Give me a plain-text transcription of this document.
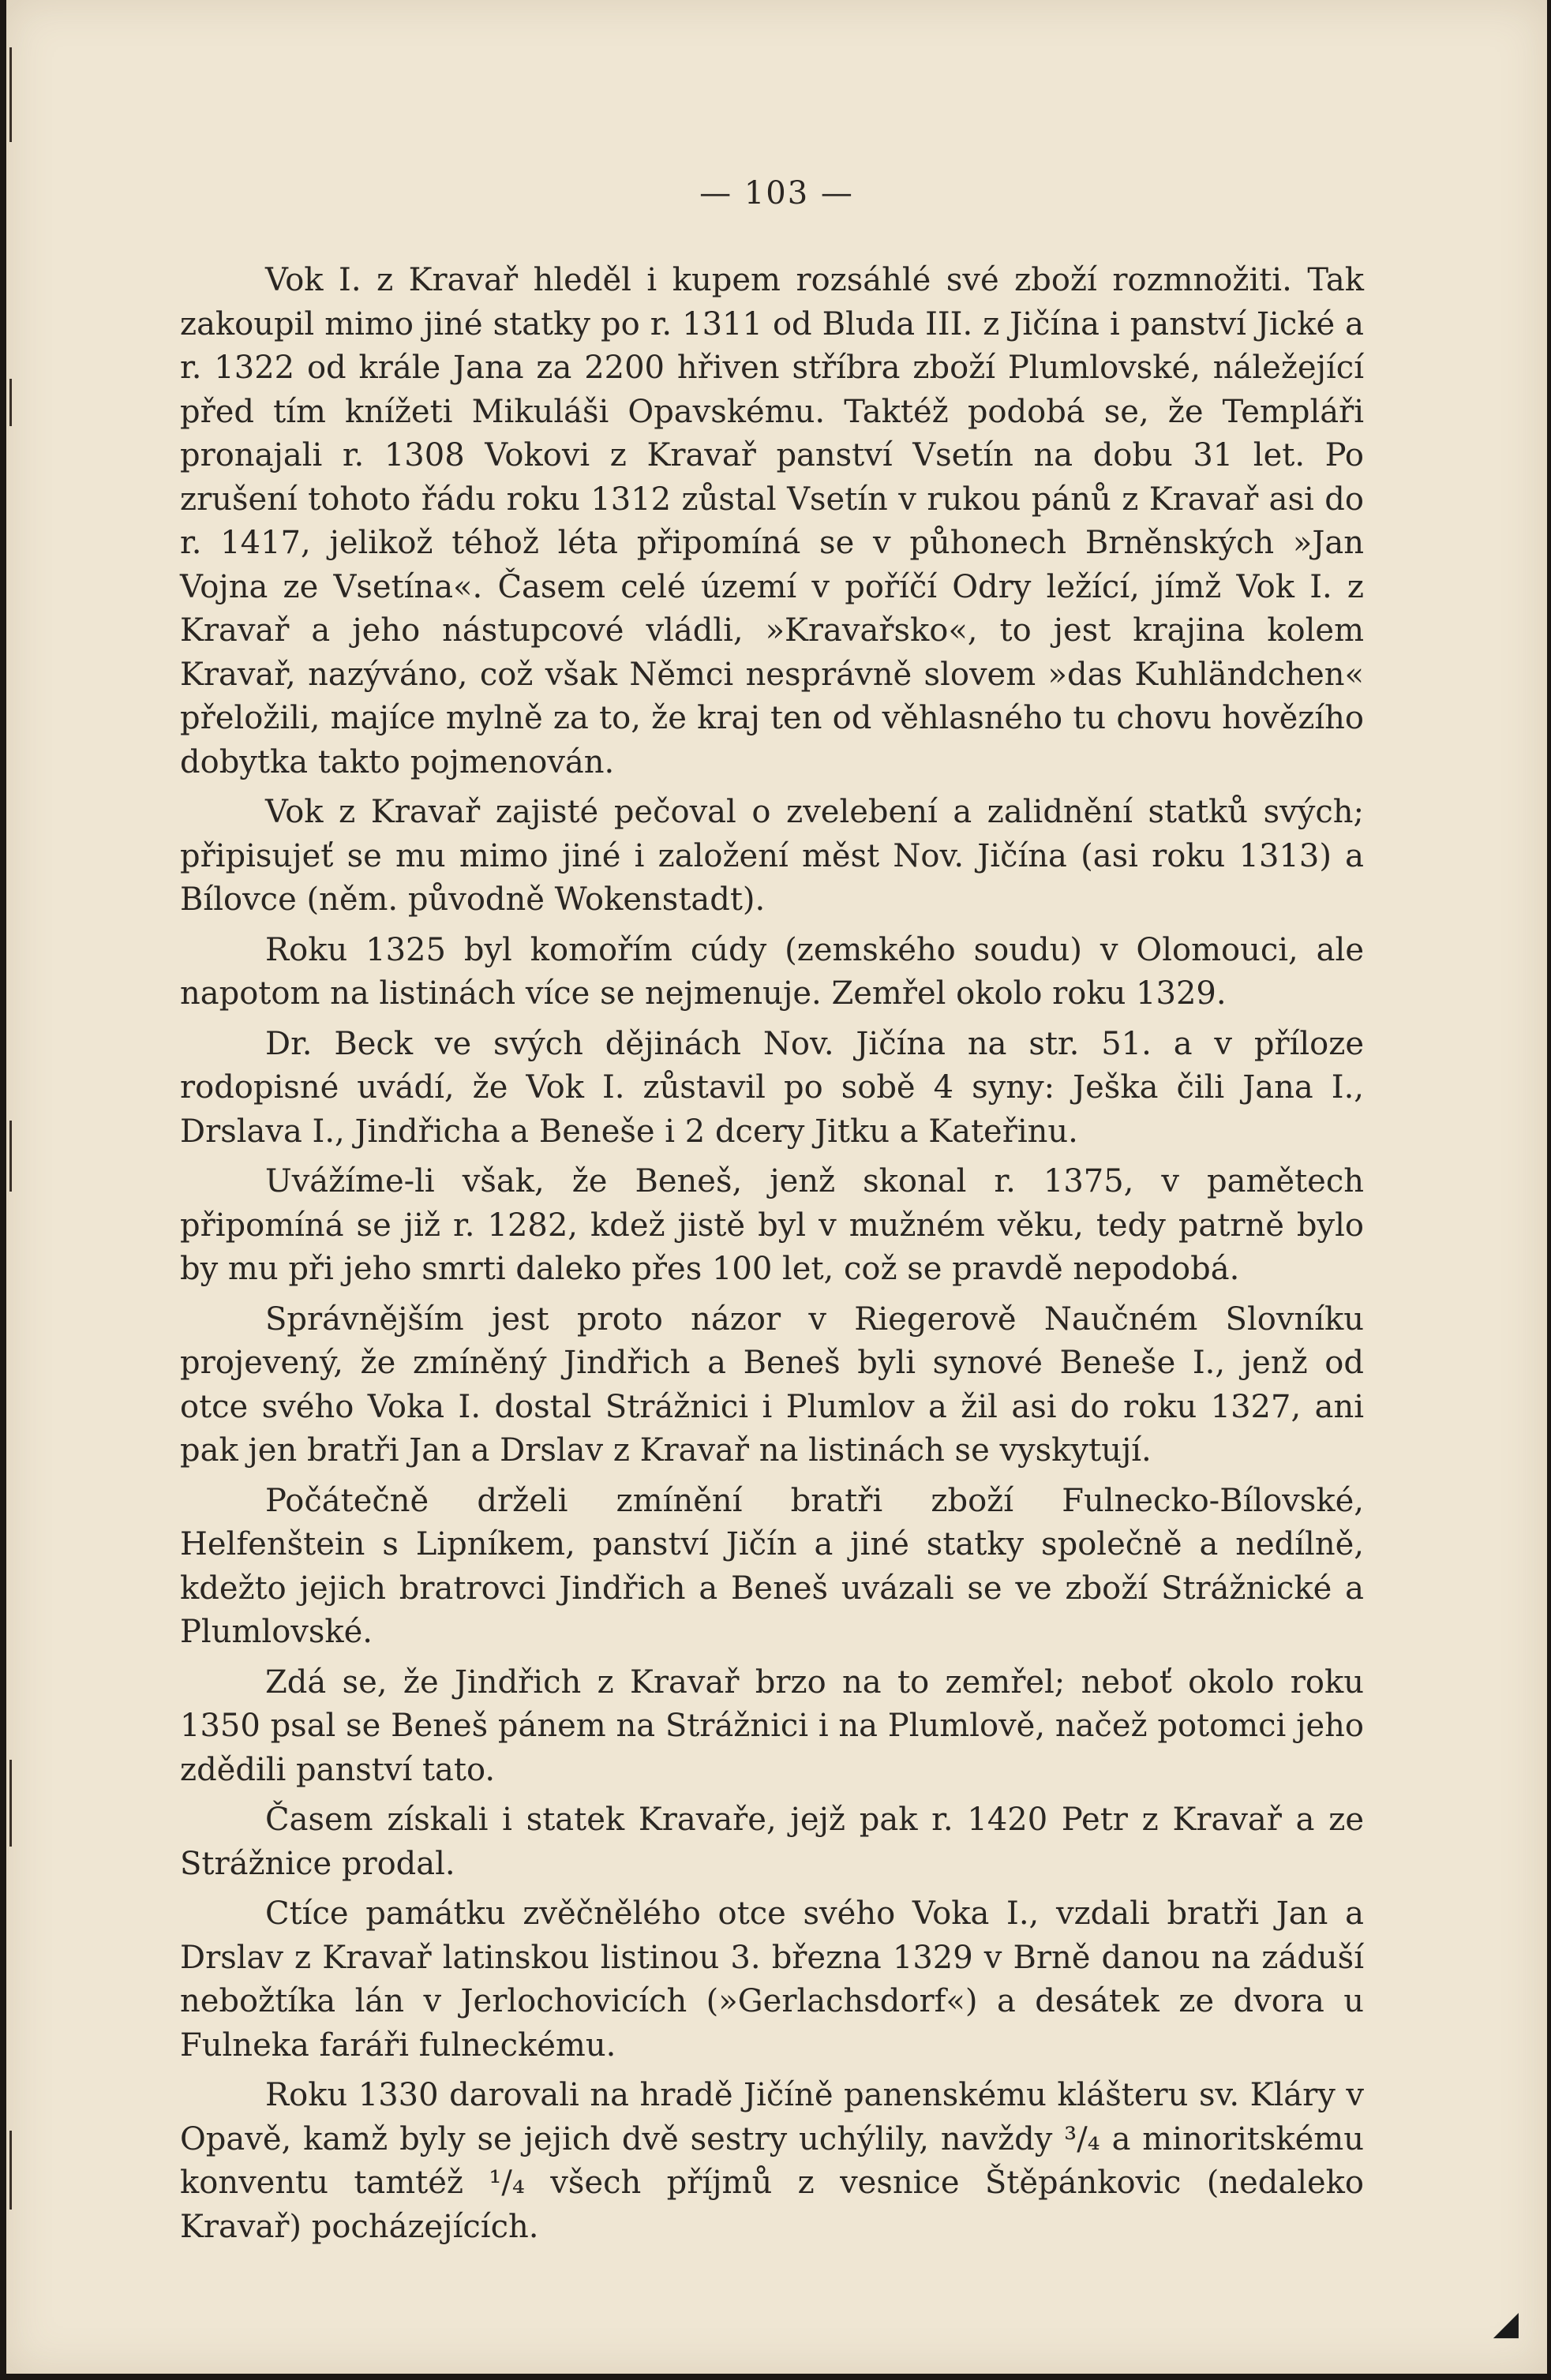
— 103 —

Vok I. z Kravař hleděl i kupem rozsáhlé své zboží rozmnožiti. Tak zakoupil mimo jiné statky po r. 1311 od Bluda III. z Jičína i panství Jické a r. 1322 od krále Jana za 2200 hřiven stříbra zboží Plumlovské, náležející před tím knížeti Mikuláši Opavskému. Taktéž podobá se, že Templáři pronajali r. 1308 Vokovi z Kravař panství Vsetín na dobu 31 let. Po zrušení tohoto řádu roku 1312 zůstal Vsetín v rukou pánů z Kravař asi do r. 1417, jelikož téhož léta připomíná se v půhonech Brněnských »Jan Vojna ze Vsetína«. Časem celé území v poříčí Odry ležící, jímž Vok I. z Kravař a jeho nástupcové vládli, »Kravařsko«, to jest krajina kolem Kravař, nazýváno, což však Němci nesprávně slovem »das Kuhländchen« přeložili, majíce mylně za to, že kraj ten od věhlasného tu chovu hovězího dobytka takto pojmenován.

Vok z Kravař zajisté pečoval o zvelebení a zalidnění statků svých; připisujeť se mu mimo jiné i založení měst Nov. Jičína (asi roku 1313) a Bílovce (něm. původně Wokenstadt).

Roku 1325 byl komořím cúdy (zemského soudu) v Olomouci, ale napotom na listinách více se nejmenuje. Zemřel okolo roku 1329.

Dr. Beck ve svých dějinách Nov. Jičína na str. 51. a v příloze rodopisné uvádí, že Vok I. zůstavil po sobě 4 syny: Ješka čili Jana I., Drslava I., Jindřicha a Beneše i 2 dcery Jitku a Kateřinu.

Uvážíme-li však, že Beneš, jenž skonal r. 1375, v pamětech připomíná se již r. 1282, kdež jistě byl v mužném věku, tedy patrně bylo by mu při jeho smrti daleko přes 100 let, což se pravdě nepodobá.

Správnějším jest proto názor v Riegerově Naučném Slovníku projevený, že zmíněný Jindřich a Beneš byli synové Beneše I., jenž od otce svého Voka I. dostal Strážnici i Plumlov a žil asi do roku 1327, ani pak jen bratři Jan a Drslav z Kravař na listinách se vyskytují.

Počátečně drželi zmínění bratři zboží Fulnecko-Bílovské, Helfenštein s Lipníkem, panství Jičín a jiné statky společně a nedílně, kdežto jejich bratrovci Jindřich a Beneš uvázali se ve zboží Strážnické a Plumlovské.

Zdá se, že Jindřich z Kravař brzo na to zemřel; neboť okolo roku 1350 psal se Beneš pánem na Strážnici i na Plumlově, načež potomci jeho zdědili panství tato.

Časem získali i statek Kravaře, jejž pak r. 1420 Petr z Kravař a ze Strážnice prodal.

Ctíce památku zvěčnělého otce svého Voka I., vzdali bratři Jan a Drslav z Kravař latinskou listinou 3. března 1329 v Brně danou na záduší nebožtíka lán v Jerlochovicích (»Gerlachsdorf«) a desátek ze dvora u Fulneka faráři fulneckému.

Roku 1330 darovali na hradě Jičíně panenskému klášteru sv. Kláry v Opavě, kamž byly se jejich dvě sestry uchýlily, navždy ³/₄ a minoritskému konventu tamtéž ¹/₄ všech příjmů z vesnice Štěpánkovic (nedaleko Kravař) pocházejících.

◢
